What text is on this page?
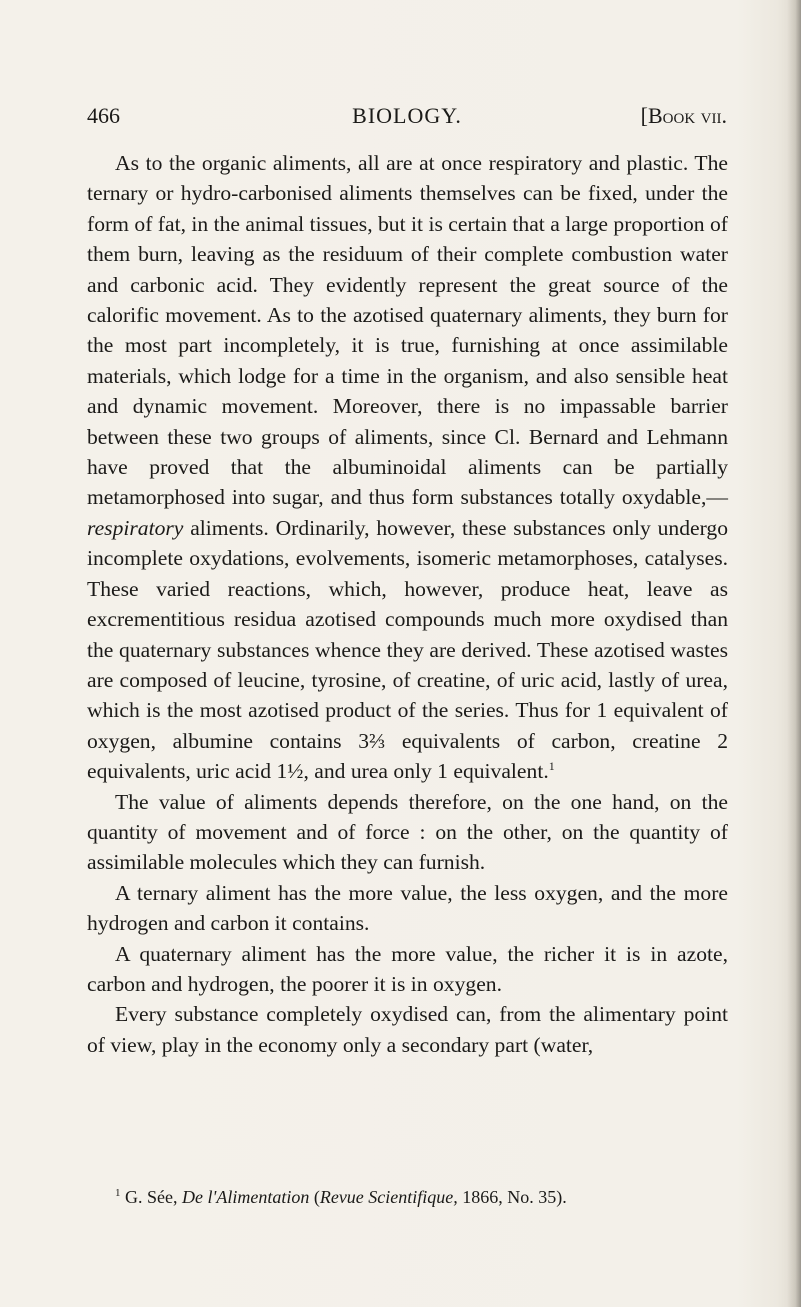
466	BIOLOGY.	[Book vii.

As to the organic aliments, all are at once respiratory and plastic. The ternary or hydro-carbonised aliments themselves can be fixed, under the form of fat, in the animal tissues, but it is certain that a large proportion of them burn, leaving as the residuum of their complete combustion water and carbonic acid. They evidently represent the great source of the calorific movement. As to the azotised quaternary aliments, they burn for the most part incompletely, it is true, furnishing at once assimilable materials, which lodge for a time in the organism, and also sensible heat and dynamic movement. Moreover, there is no impassable barrier between these two groups of aliments, since Cl. Bernard and Lehmann have proved that the albuminoidal aliments can be partially metamorphosed into sugar, and thus form substances totally oxydable,—respiratory aliments. Ordinarily, however, these substances only undergo incomplete oxydations, evolvements, isomeric metamorphoses, catalyses. These varied reactions, which, however, produce heat, leave as excrementitious residua azotised compounds much more oxydised than the quaternary substances whence they are derived. These azotised wastes are composed of leucine, tyrosine, of creatine, of uric acid, lastly of urea, which is the most azotised product of the series. Thus for 1 equivalent of oxygen, albumine contains 3⅔ equivalents of carbon, creatine 2 equivalents, uric acid 1½, and urea only 1 equivalent.$^1$

The value of aliments depends therefore, on the one hand, on the quantity of movement and of force : on the other, on the quantity of assimilable molecules which they can furnish.

A ternary aliment has the more value, the less oxygen, and the more hydrogen and carbon it contains.

A quaternary aliment has the more value, the richer it is in azote, carbon and hydrogen, the poorer it is in oxygen.

Every substance completely oxydised can, from the alimentary point of view, play in the economy only a secondary part (water,

$^1$ G. Sée, De l'Alimentation (Revue Scientifique, 1866, No. 35).
